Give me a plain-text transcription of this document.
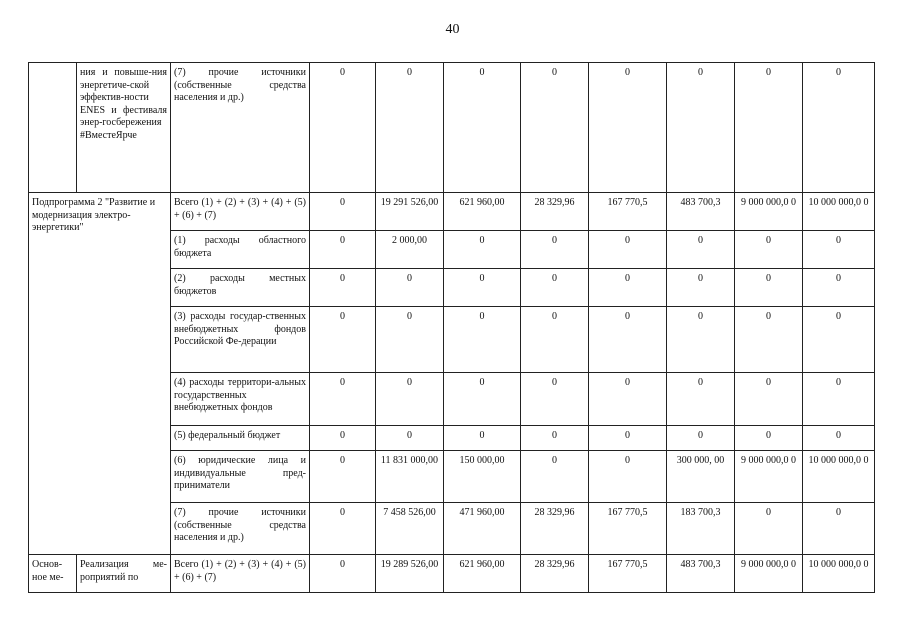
40
	ния и повыше-ния энергетиче-ской эффектив-ности ENES и фестиваля энер-госбережения #ВместеЯрче	(7) прочие источники (собственные средства населения и др.)	0	0	0	0	0	0	0	0
Подпрограмма 2 "Развитие и модернизация электро-энергетики"		Всего (1) + (2) + (3) + (4) + (5) + (6) + (7)	0	19 291 526,00	621 960,00	28 329,96	167 770,5	483 700,3	9 000 000,0 0	10 000 000,0 0
		(1) расходы областного бюджета	0	2 000,00	0	0	0	0	0	0
		(2) расходы местных бюджетов	0	0	0	0	0	0	0	0
		(3) расходы государ-ственных внебюджетных фондов Российской Фе-дерации	0	0	0	0	0	0	0	0
		(4) расходы территори-альных государственных внебюджетных фондов	0	0	0	0	0	0	0	0
		(5) федеральный бюджет	0	0	0	0	0	0	0	0
		(6) юридические лица и индивидуальные пред-приниматели	0	11 831 000,00	150 000,00	0	0	300 000, 00	9 000 000,0 0	10 000 000,0 0
		(7) прочие источники (собственные средства населения и др.)	0	7 458 526,00	471 960,00	28 329,96	167 770,5	183 700,3	0	0
Основ-ное ме-	Реализация ме-роприятий по	Всего (1) + (2) + (3) + (4) + (5) + (6) + (7)	0	19 289 526,00	621 960,00	28 329,96	167 770,5	483 700,3	9 000 000,0 0	10 000 000,0 0
